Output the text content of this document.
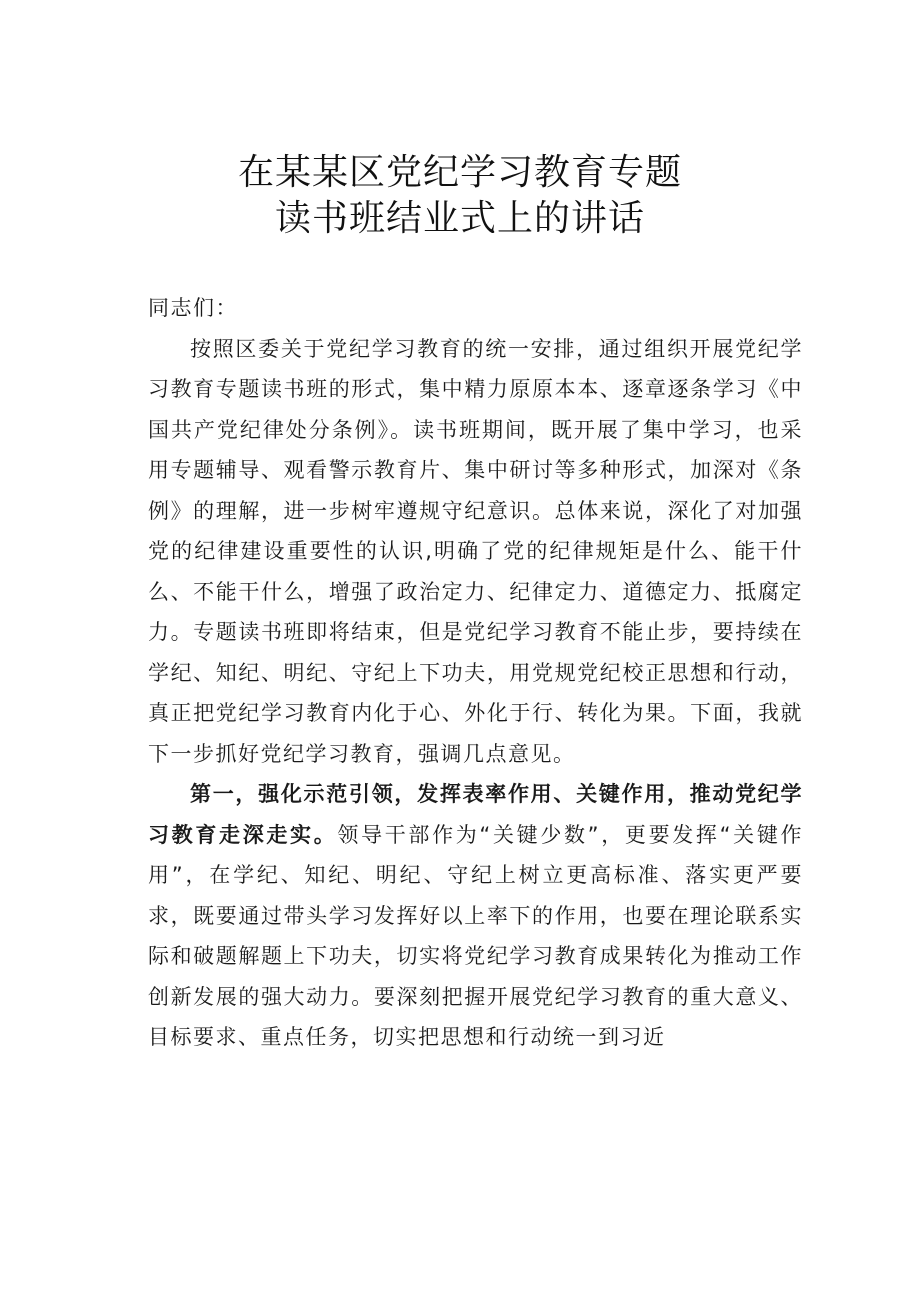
在某某区党纪学习教育专题
读书班结业式上的讲话

同志们：

按照区委关于党纪学习教育的统一安排，通过组织开展党纪学习教育专题读书班的形式，集中精力原原本本、逐章逐条学习《中国共产党纪律处分条例》。读书班期间，既开展了集中学习，也采用专题辅导、观看警示教育片、集中研讨等多种形式，加深对《条例》的理解，进一步树牢遵规守纪意识。总体来说，深化了对加强党的纪律建设重要性的认识,明确了党的纪律规矩是什么、能干什么、不能干什么，增强了政治定力、纪律定力、道德定力、抵腐定力。专题读书班即将结束，但是党纪学习教育不能止步，要持续在学纪、知纪、明纪、守纪上下功夫，用党规党纪校正思想和行动，真正把党纪学习教育内化于心、外化于行、转化为果。下面，我就下一步抓好党纪学习教育，强调几点意见。

第一，强化示范引领，发挥表率作用、关键作用，推动党纪学习教育走深走实。领导干部作为“关键少数”，更要发挥“关键作用”，在学纪、知纪、明纪、守纪上树立更高标准、落实更严要求，既要通过带头学习发挥好以上率下的作用，也要在理论联系实际和破题解题上下功夫，切实将党纪学习教育成果转化为推动工作创新发展的强大动力。要深刻把握开展党纪学习教育的重大意义、目标要求、重点任务，切实把思想和行动统一到习近
